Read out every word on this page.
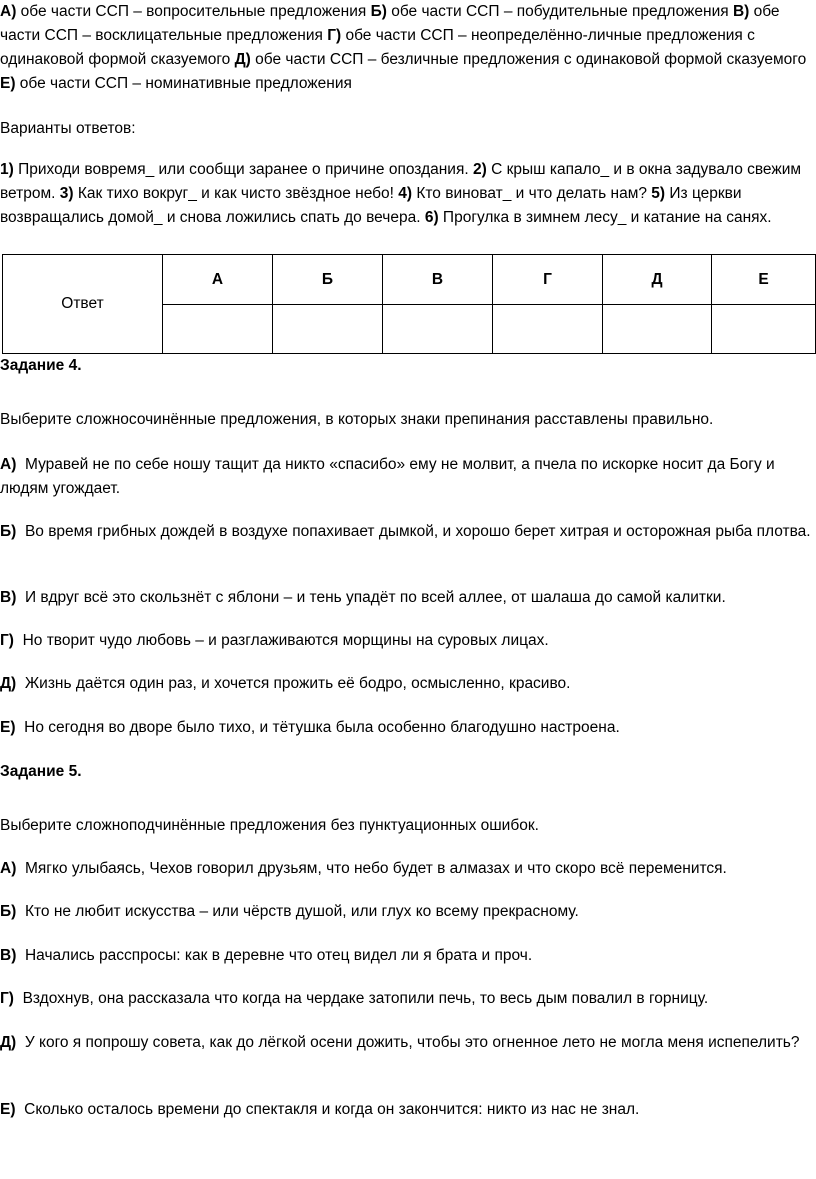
А) обе части ССП – вопросительные предложения Б) обе части ССП – побудительные предложения В) обе части ССП – восклицательные предложения Г) обе части ССП – неопределённо-личные предложения с одинаковой формой сказуемого Д) обе части ССП – безличные предложения с одинаковой формой сказуемого Е) обе части ССП – номинативные предложения

Варианты ответов:

1) Приходи вовремя_ или сообщи заранее о причине опоздания. 2) С крыш капало_ и в окна задувало свежим ветром. 3) Как тихо вокруг_ и как чисто звёздное небо! 4) Кто виноват_ и что делать нам? 5) Из церкви возвращались домой_ и снова ложились спать до вечера. 6) Прогулка в зимнем лесу_ и катание на санях.

Ответ	А	Б	В	Г	Д	Е

Задание 4.

Выберите сложносочинённые предложения, в которых знаки препинания расставлены правильно.

А) Муравей не по себе ношу тащит да никто «спасибо» ему не молвит, а пчела по искорке носит да Богу и людям угождает.

Б) Во время грибных дождей в воздухе попахивает дымкой, и хорошо берет хитрая и осторожная рыба плотва.

В) И вдруг всё это скользнёт с яблони – и тень упадёт по всей аллее, от шалаша до самой калитки.

Г) Но творит чудо любовь – и разглаживаются морщины на суровых лицах.

Д) Жизнь даётся один раз, и хочется прожить её бодро, осмысленно, красиво.

Е) Но сегодня во дворе было тихо, и тётушка была особенно благодушно настроена.

Задание 5.

Выберите сложноподчинённые предложения без пунктуационных ошибок.

А) Мягко улыбаясь, Чехов говорил друзьям, что небо будет в алмазах и что скоро всё переменится.

Б) Кто не любит искусства – или чёрств душой, или глух ко всему прекрасному.

В) Начались расспросы: как в деревне что отец видел ли я брата и проч.

Г) Вздохнув, она рассказала что когда на чердаке затопили печь, то весь дым повалил в горницу.

Д) У кого я попрошу совета, как до лёгкой осени дожить, чтобы это огненное лето не могла меня испепелить?

Е) Сколько осталось времени до спектакля и когда он закончится: никто из нас не знал.
